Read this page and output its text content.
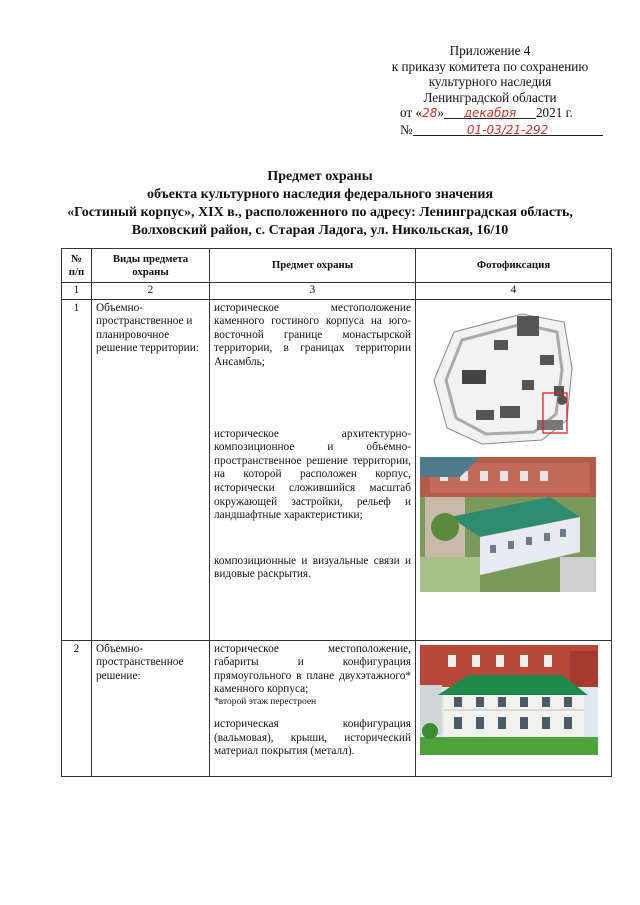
Приложение 4
к приказу комитета по сохранению
культурного наследия
Ленинградской области
от «28» декабря 2021 г.
№	01-03/21-292
Предмет охраны
объекта культурного наследия федерального значения
«Гостиный корпус», XIX в., расположенного по адресу: Ленинградская область,
Волховский район, с. Старая Ладога, ул. Никольская, 16/10
№ п/п	Виды предмета охраны	Предмет охраны	Фотофиксация
1	2	3	4
1	Объемно-пространственное и планировочное решение территории:	историческое местоположение каменного гостиного корпуса на юго-восточной границе монастырской территории, в границах территории Ансамбль;
историческое архитектурно-композиционное и объемно-пространственное решение территории, на которой расположен корпус, исторически сложившийся масштаб окружающей застройки, рельеф и ландшафтные характеристики;
композиционные и визуальные связи и видовые раскрытия.

2	Объемно-пространственное решение:	историческое местоположение, габариты и конфигурация прямоугольного в плане двухэтажного* каменного корпуса;
*второй этаж перестроен
историческая конфигурация (вальмовая), крыши, исторический материал покрытия (металл).
